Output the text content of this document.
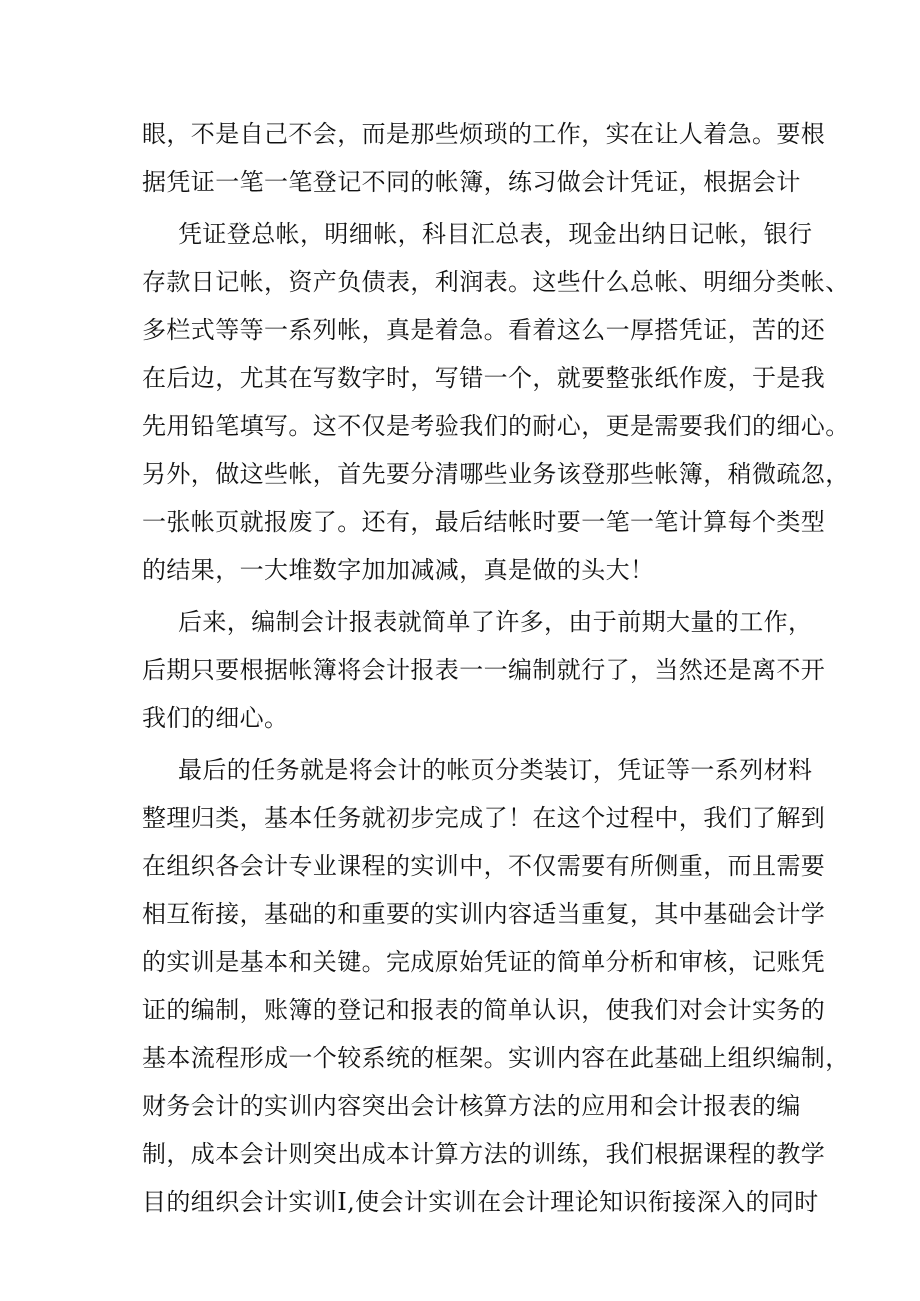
眼，不是自己不会，而是那些烦琐的工作，实在让人着急。要根
据凭证一笔一笔登记不同的帐簿，练习做会计凭证，根据会计
凭证登总帐，明细帐，科目汇总表，现金出纳日记帐，银行
存款日记帐，资产负债表，利润表。这些什么总帐、明细分类帐、
多栏式等等一系列帐，真是着急。看着这么一厚搭凭证，苦的还
在后边，尤其在写数字时，写错一个，就要整张纸作废，于是我
先用铅笔填写。这不仅是考验我们的耐心，更是需要我们的细心。
另外，做这些帐，首先要分清哪些业务该登那些帐簿，稍微疏忽，
一张帐页就报废了。还有，最后结帐时要一笔一笔计算每个类型
的结果，一大堆数字加加减减，真是做的头大！
后来，编制会计报表就简单了许多，由于前期大量的工作，
后期只要根据帐簿将会计报表一一编制就行了，当然还是离不开
我们的细心。
最后的任务就是将会计的帐页分类装订，凭证等一系列材料
整理归类，基本任务就初步完成了！在这个过程中，我们了解到
在组织各会计专业课程的实训中，不仅需要有所侧重，而且需要
相互衔接，基础的和重要的实训内容适当重复，其中基础会计学
的实训是基本和关键。完成原始凭证的简单分析和审核，记账凭
证的编制，账簿的登记和报表的简单认识，使我们对会计实务的
基本流程形成一个较系统的框架。实训内容在此基础上组织编制，
财务会计的实训内容突出会计核算方法的应用和会计报表的编
制，成本会计则突出成本计算方法的训练，我们根据课程的教学
目的组织会计实训I,使会计实训在会计理论知识衔接深入的同时
